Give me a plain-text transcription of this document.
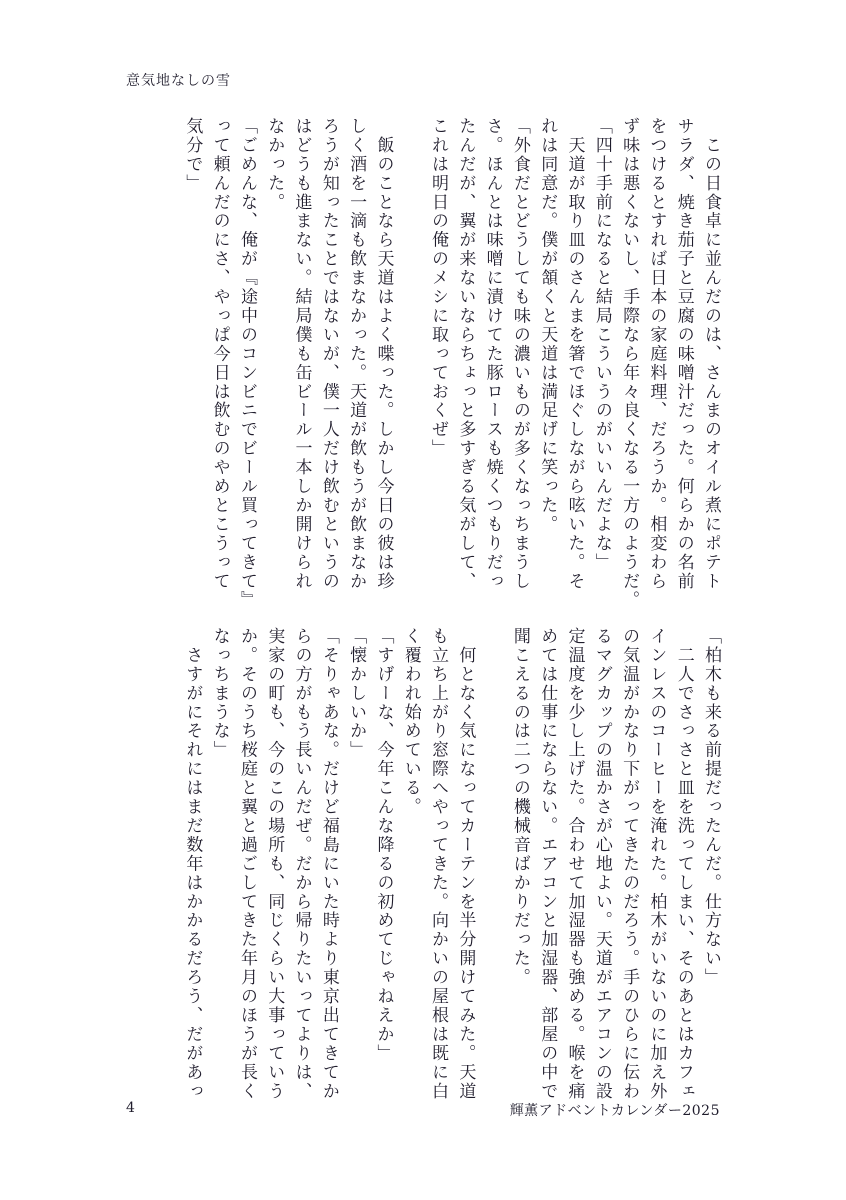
意気地なしの雪

　この日食卓に並んだのは、さんまのオイル煮にポテト

サラダ、焼き茄子と豆腐の味噌汁だった。何らかの名前

をつけるとすれば日本の家庭料理、だろうか。相変わら

ず味は悪くないし、手際なら年々良くなる一方のようだ。

「四十手前になると結局こういうのがいいんだよな」

　天道が取り皿のさんまを箸でほぐしながら呟いた。そ

れは同意だ。僕が頷くと天道は満足げに笑った。

「外食だとどうしても味の濃いものが多くなっちまうし

さ。ほんとは味噌に漬けてた豚ロースも焼くつもりだっ

たんだが、翼が来ないならちょっと多すぎる気がして、

これは明日の俺のメシに取っておくぜ」

　飯のことなら天道はよく喋った。しかし今日の彼は珍

しく酒を一滴も飲まなかった。天道が飲もうが飲まなか

ろうが知ったことではないが、僕一人だけ飲むというの

はどうも進まない。結局僕も缶ビール一本しか開けられ

なかった。

「ごめんな、俺が『途中のコンビニでビール買ってきて』

って頼んだのにさ、やっぱ今日は飲むのやめとこうって

気分で」

「柏木も来る前提だったんだ。仕方ない」

　二人でさっさと皿を洗ってしまい、そのあとはカフェ

インレスのコーヒーを淹れた。柏木がいないのに加え外

の気温がかなり下がってきたのだろう。手のひらに伝わ

るマグカップの温かさが心地よい。天道がエアコンの設

定温度を少し上げた。合わせて加湿器も強める。喉を痛

めては仕事にならない。エアコンと加湿器、部屋の中で

聞こえるのは二つの機械音ばかりだった。

　何となく気になってカーテンを半分開けてみた。天道

も立ち上がり窓際へやってきた。向かいの屋根は既に白

く覆われ始めている。

「すげーな、今年こんな降るの初めてじゃねえか」

「懐かしいか」

「そりゃあな。だけど福島にいた時より東京出てきてか

らの方がもう長いんだぜ。だから帰りたいってよりは、

実家の町も、今のこの場所も、同じくらい大事っていう

か。そのうち桜庭と翼と過ごしてきた年月のほうが長く

なっちまうな」

　さすがにそれにはまだ数年はかかるだろう、だがあっ

4	輝薫アドベントカレンダー2025
